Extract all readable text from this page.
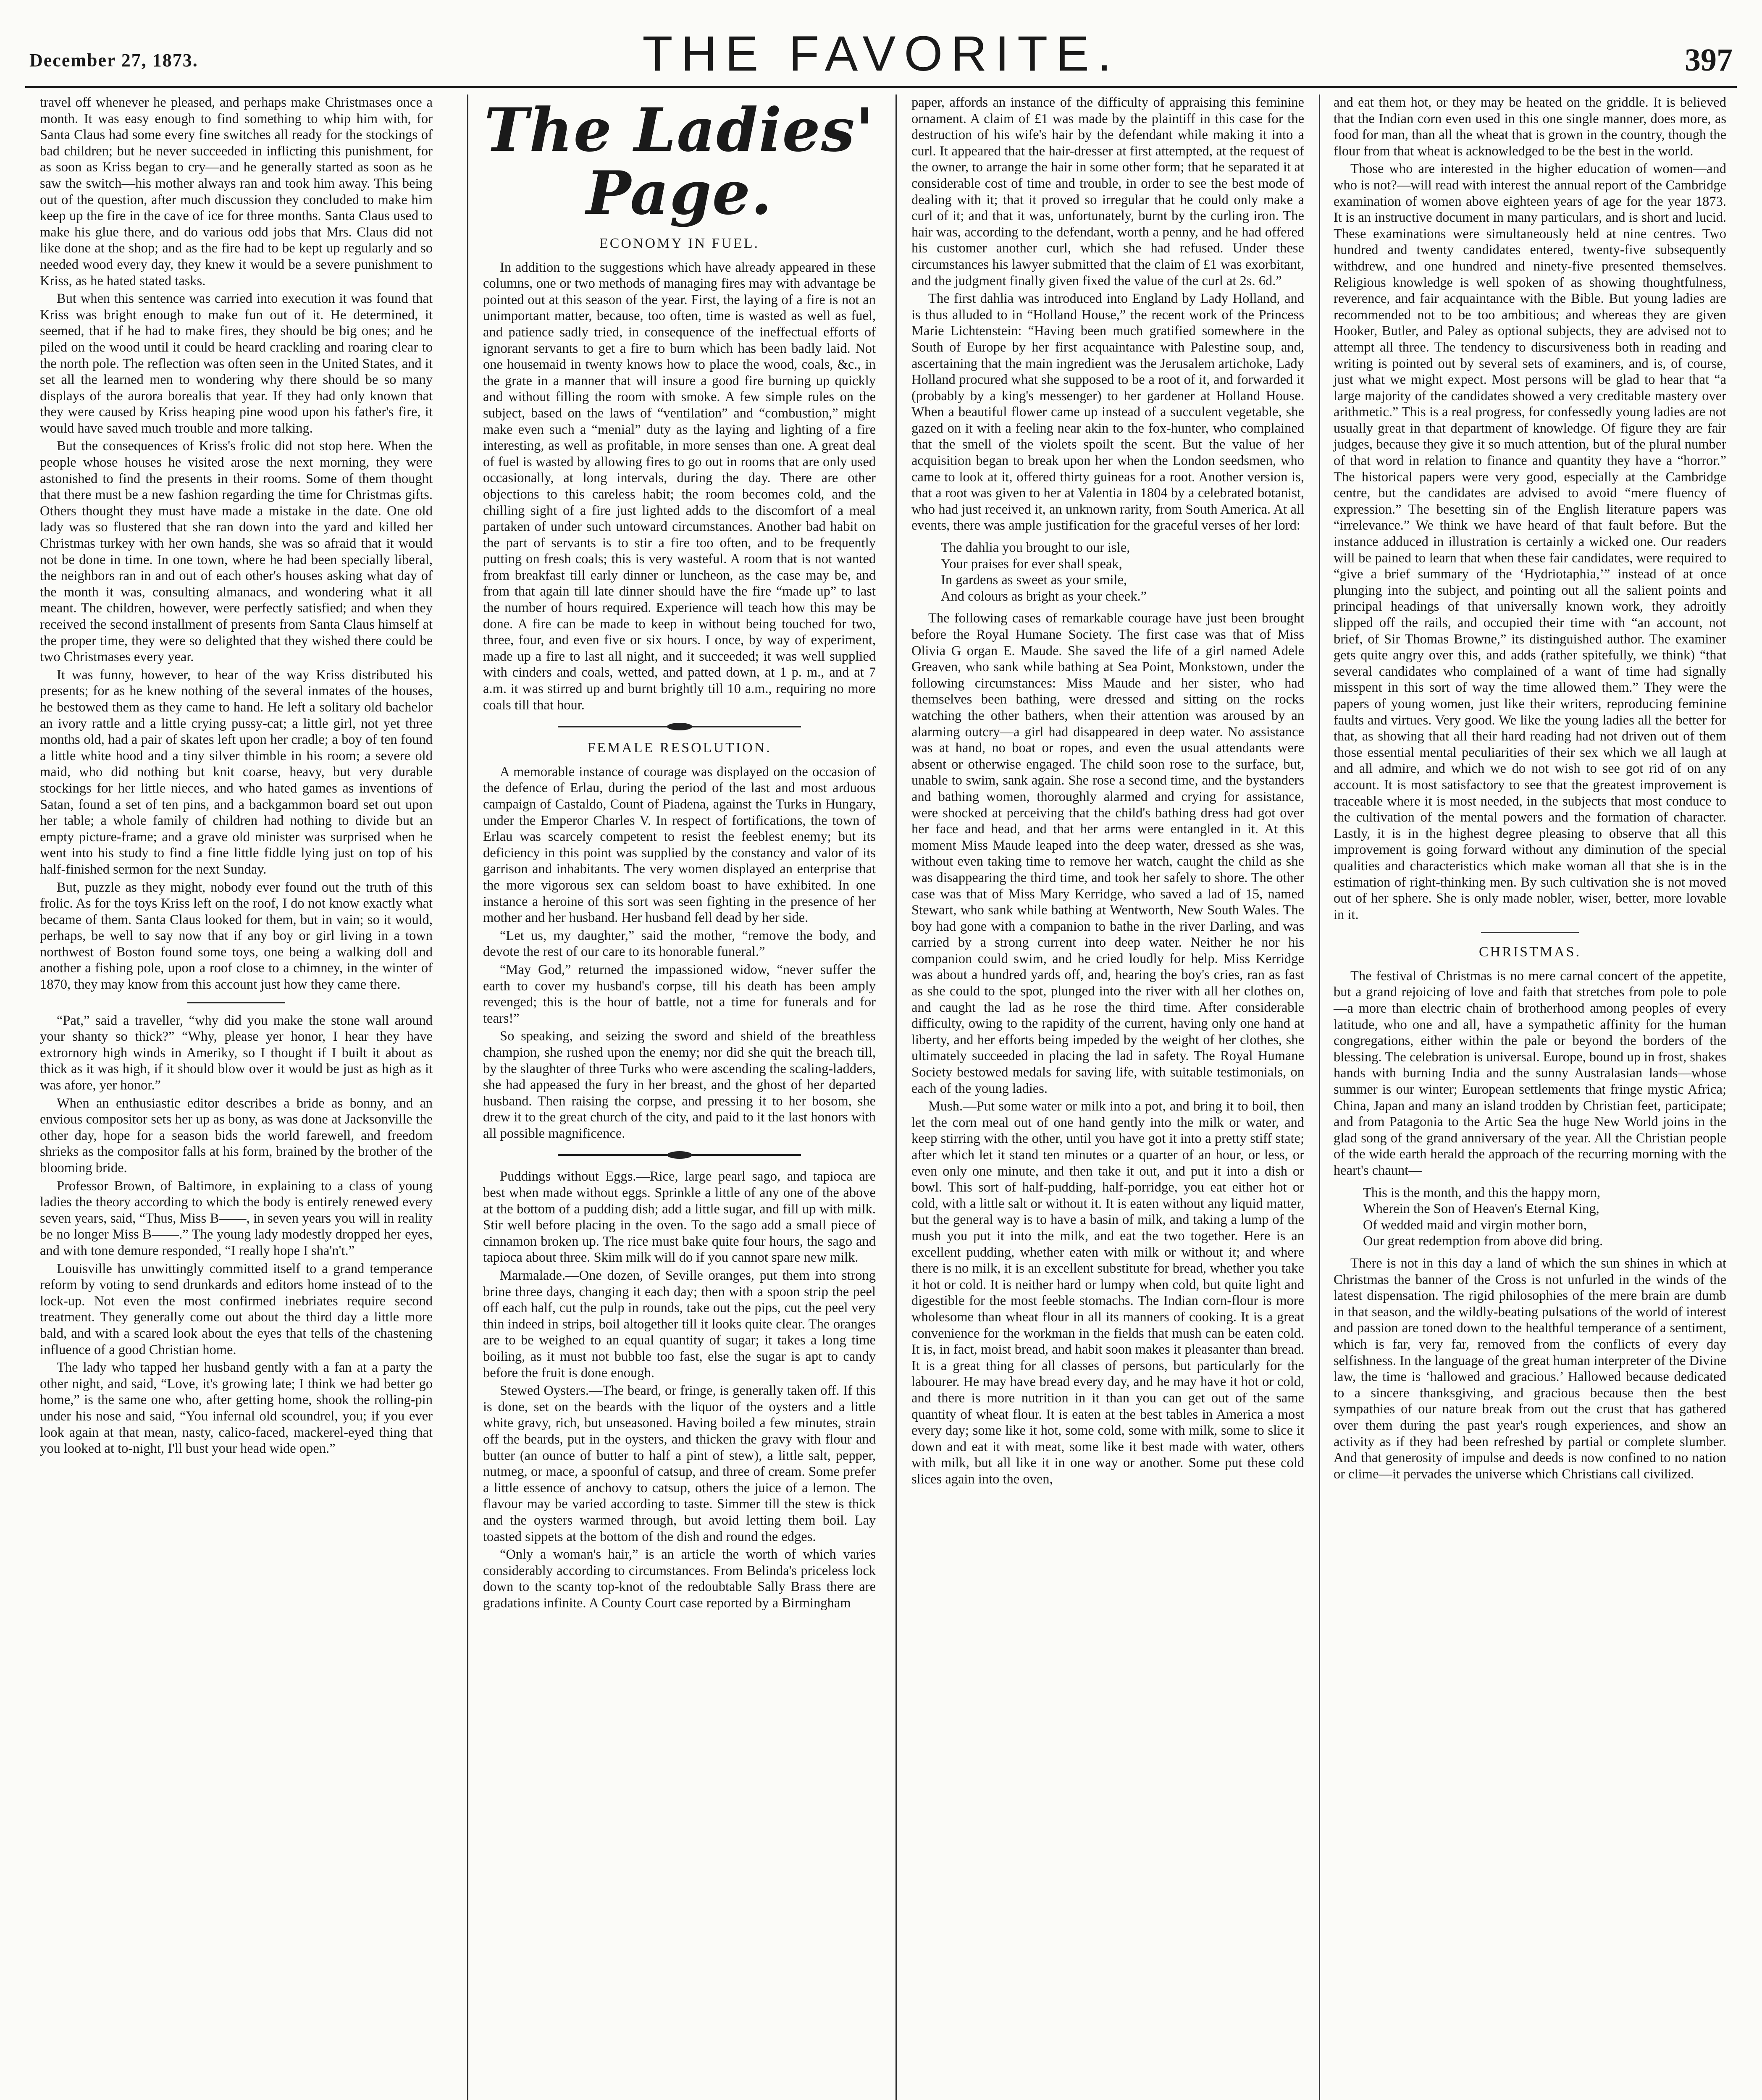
December 27, 1873.	THE FAVORITE.	397

travel off whenever he pleased, and perhaps make Christmases once a month. It was easy enough to find something to whip him with, for Santa Claus had some every fine switches all ready for the stockings of bad children; but he never succeeded in inflicting this punishment, for as soon as Kriss began to cry—and he generally started as soon as he saw the switch—his mother always ran and took him away. This being out of the question, after much discussion they concluded to make him keep up the fire in the cave of ice for three months. Santa Claus used to make his glue there, and do various odd jobs that Mrs. Claus did not like done at the shop; and as the fire had to be kept up regularly and so needed wood every day, they knew it would be a severe punishment to Kriss, as he hated stated tasks.

But when this sentence was carried into execution it was found that Kriss was bright enough to make fun out of it. He determined, it seemed, that if he had to make fires, they should be big ones; and he piled on the wood until it could be heard crackling and roaring clear to the north pole. The reflection was often seen in the United States, and it set all the learned men to wondering why there should be so many displays of the aurora borealis that year. If they had only known that they were caused by Kriss heaping pine wood upon his father's fire, it would have saved much trouble and more talking.

But the consequences of Kriss's frolic did not stop here. When the people whose houses he visited arose the next morning, they were astonished to find the presents in their rooms. Some of them thought that there must be a new fashion regarding the time for Christmas gifts. Others thought they must have made a mistake in the date. One old lady was so flustered that she ran down into the yard and killed her Christmas turkey with her own hands, she was so afraid that it would not be done in time. In one town, where he had been specially liberal, the neighbors ran in and out of each other's houses asking what day of the month it was, consulting almanacs, and wondering what it all meant. The children, however, were perfectly satisfied; and when they received the second installment of presents from Santa Claus himself at the proper time, they were so delighted that they wished there could be two Christmases every year.

It was funny, however, to hear of the way Kriss distributed his presents; for as he knew nothing of the several inmates of the houses, he bestowed them as they came to hand. He left a solitary old bachelor an ivory rattle and a little crying pussy-cat; a little girl, not yet three months old, had a pair of skates left upon her cradle; a boy of ten found a little white hood and a tiny silver thimble in his room; a severe old maid, who did nothing but knit coarse, heavy, but very durable stockings for her little nieces, and who hated games as inventions of Satan, found a set of ten pins, and a backgammon board set out upon her table; a whole family of children had nothing to divide but an empty picture-frame; and a grave old minister was surprised when he went into his study to find a fine little fiddle lying just on top of his half-finished sermon for the next Sunday.

But, puzzle as they might, nobody ever found out the truth of this frolic. As for the toys Kriss left on the roof, I do not know exactly what became of them. Santa Claus looked for them, but in vain; so it would, perhaps, be well to say now that if any boy or girl living in a town northwest of Boston found some toys, one being a walking doll and another a fishing pole, upon a roof close to a chimney, in the winter of 1870, they may know from this account just how they came there.

“Pat,” said a traveller, “why did you make the stone wall around your shanty so thick?” “Why, please yer honor, I hear they have extrornory high winds in Ameriky, so I thought if I built it about as thick as it was high, if it should blow over it would be just as high as it was afore, yer honor.”

When an enthusiastic editor describes a bride as bonny, and an envious compositor sets her up as bony, as was done at Jacksonville the other day, hope for a season bids the world farewell, and freedom shrieks as the compositor falls at his form, brained by the brother of the blooming bride.

Professor Brown, of Baltimore, in explaining to a class of young ladies the theory according to which the body is entirely renewed every seven years, said, “Thus, Miss B——, in seven years you will in reality be no longer Miss B——.” The young lady modestly dropped her eyes, and with tone demure responded, “I really hope I sha'n't.”

Louisville has unwittingly committed itself to a grand temperance reform by voting to send drunkards and editors home instead of to the lock-up. Not even the most confirmed inebriates require second treatment. They generally come out about the third day a little more bald, and with a scared look about the eyes that tells of the chastening influence of a good Christian home.

The lady who tapped her husband gently with a fan at a party the other night, and said, “Love, it's growing late; I think we had better go home,” is the same one who, after getting home, shook the rolling-pin under his nose and said, “You infernal old scoundrel, you; if you ever look again at that mean, nasty, calico-faced, mackerel-eyed thing that you looked at to-night, I'll bust your head wide open.”

The Ladies' Page.
ECONOMY IN FUEL.

In addition to the suggestions which have already appeared in these columns, one or two methods of managing fires may with advantage be pointed out at this season of the year. First, the laying of a fire is not an unimportant matter, because, too often, time is wasted as well as fuel, and patience sadly tried, in consequence of the ineffectual efforts of ignorant servants to get a fire to burn which has been badly laid. Not one housemaid in twenty knows how to place the wood, coals, &c., in the grate in a manner that will insure a good fire burning up quickly and without filling the room with smoke. A few simple rules on the subject, based on the laws of “ventilation” and “combustion,” might make even such a “menial” duty as the laying and lighting of a fire interesting, as well as profitable, in more senses than one. A great deal of fuel is wasted by allowing fires to go out in rooms that are only used occasionally, at long intervals, during the day. There are other objections to this careless habit; the room becomes cold, and the chilling sight of a fire just lighted adds to the discomfort of a meal partaken of under such untoward circumstances. Another bad habit on the part of servants is to stir a fire too often, and to be frequently putting on fresh coals; this is very wasteful. A room that is not wanted from breakfast till early dinner or luncheon, as the case may be, and from that again till late dinner should have the fire “made up” to last the number of hours required. Experience will teach how this may be done. A fire can be made to keep in without being touched for two, three, four, and even five or six hours. I once, by way of experiment, made up a fire to last all night, and it succeeded; it was well supplied with cinders and coals, wetted, and patted down, at 1 p. m., and at 7 a.m. it was stirred up and burnt brightly till 10 a.m., requiring no more coals till that hour.

FEMALE RESOLUTION.

A memorable instance of courage was displayed on the occasion of the defence of Erlau, during the period of the last and most arduous campaign of Castaldo, Count of Piadena, against the Turks in Hungary, under the Emperor Charles V. In respect of fortifications, the town of Erlau was scarcely competent to resist the feeblest enemy; but its deficiency in this point was supplied by the constancy and valor of its garrison and inhabitants. The very women displayed an enterprise that the more vigorous sex can seldom boast to have exhibited. In one instance a heroine of this sort was seen fighting in the presence of her mother and her husband. Her husband fell dead by her side.

“Let us, my daughter,” said the mother, “remove the body, and devote the rest of our care to its honorable funeral.”

“May God,” returned the impassioned widow, “never suffer the earth to cover my husband's corpse, till his death has been amply revenged; this is the hour of battle, not a time for funerals and for tears!”

So speaking, and seizing the sword and shield of the breathless champion, she rushed upon the enemy; nor did she quit the breach till, by the slaughter of three Turks who were ascending the scaling-ladders, she had appeased the fury in her breast, and the ghost of her departed husband. Then raising the corpse, and pressing it to her bosom, she drew it to the great church of the city, and paid to it the last honors with all possible magnificence.

Puddings without Eggs.—Rice, large pearl sago, and tapioca are best when made without eggs. Sprinkle a little of any one of the above at the bottom of a pudding dish; add a little sugar, and fill up with milk. Stir well before placing in the oven. To the sago add a small piece of cinnamon broken up. The rice must bake quite four hours, the sago and tapioca about three. Skim milk will do if you cannot spare new milk.

Marmalade.—One dozen, of Seville oranges, put them into strong brine three days, changing it each day; then with a spoon strip the peel off each half, cut the pulp in rounds, take out the pips, cut the peel very thin indeed in strips, boil altogether till it looks quite clear. The oranges are to be weighed to an equal quantity of sugar; it takes a long time boiling, as it must not bubble too fast, else the sugar is apt to candy before the fruit is done enough.

Stewed Oysters.—The beard, or fringe, is generally taken off. If this is done, set on the beards with the liquor of the oysters and a little white gravy, rich, but unseasoned. Having boiled a few minutes, strain off the beards, put in the oysters, and thicken the gravy with flour and butter (an ounce of butter to half a pint of stew), a little salt, pepper, nutmeg, or mace, a spoonful of catsup, and three of cream. Some prefer a little essence of anchovy to catsup, others the juice of a lemon. The flavour may be varied according to taste. Simmer till the stew is thick and the oysters warmed through, but avoid letting them boil. Lay toasted sippets at the bottom of the dish and round the edges.

“Only a woman's hair,” is an article the worth of which varies considerably according to circumstances. From Belinda's priceless lock down to the scanty top-knot of the redoubtable Sally Brass there are gradations infinite. A County Court case reported by a Birmingham

paper, affords an instance of the difficulty of appraising this feminine ornament. A claim of £1 was made by the plaintiff in this case for the destruction of his wife's hair by the defendant while making it into a curl. It appeared that the hair-dresser at first attempted, at the request of the owner, to arrange the hair in some other form; that he separated it at considerable cost of time and trouble, in order to see the best mode of dealing with it; that it proved so irregular that he could only make a curl of it; and that it was, unfortunately, burnt by the curling iron. The hair was, according to the defendant, worth a penny, and he had offered his customer another curl, which she had refused. Under these circumstances his lawyer submitted that the claim of £1 was exorbitant, and the judgment finally given fixed the value of the curl at 2s. 6d.”

The first dahlia was introduced into England by Lady Holland, and is thus alluded to in “Holland House,” the recent work of the Princess Marie Lichtenstein: “Having been much gratified somewhere in the South of Europe by her first acquaintance with Palestine soup, and, ascertaining that the main ingredient was the Jerusalem artichoke, Lady Holland procured what she supposed to be a root of it, and forwarded it (probably by a king's messenger) to her gardener at Holland House. When a beautiful flower came up instead of a succulent vegetable, she gazed on it with a feeling near akin to the fox-hunter, who complained that the smell of the violets spoilt the scent. But the value of her acquisition began to break upon her when the London seedsmen, who came to look at it, offered thirty guineas for a root. Another version is, that a root was given to her at Valentia in 1804 by a celebrated botanist, who had just received it, an unknown rarity, from South America. At all events, there was ample justification for the graceful verses of her lord:

The dahlia you brought to our isle,
Your praises for ever shall speak,
In gardens as sweet as your smile,
And colours as bright as your cheek.”

The following cases of remarkable courage have just been brought before the Royal Humane Society. The first case was that of Miss Olivia G organ E. Maude. She saved the life of a girl named Adele Greaven, who sank while bathing at Sea Point, Monkstown, under the following circumstances: Miss Maude and her sister, who had themselves been bathing, were dressed and sitting on the rocks watching the other bathers, when their attention was aroused by an alarming outcry—a girl had disappeared in deep water. No assistance was at hand, no boat or ropes, and even the usual attendants were absent or otherwise engaged. The child soon rose to the surface, but, unable to swim, sank again. She rose a second time, and the bystanders and bathing women, thoroughly alarmed and crying for assistance, were shocked at perceiving that the child's bathing dress had got over her face and head, and that her arms were entangled in it. At this moment Miss Maude leaped into the deep water, dressed as she was, without even taking time to remove her watch, caught the child as she was disappearing the third time, and took her safely to shore. The other case was that of Miss Mary Kerridge, who saved a lad of 15, named Stewart, who sank while bathing at Wentworth, New South Wales. The boy had gone with a companion to bathe in the river Darling, and was carried by a strong current into deep water. Neither he nor his companion could swim, and he cried loudly for help. Miss Kerridge was about a hundred yards off, and, hearing the boy's cries, ran as fast as she could to the spot, plunged into the river with all her clothes on, and caught the lad as he rose the third time. After considerable difficulty, owing to the rapidity of the current, having only one hand at liberty, and her efforts being impeded by the weight of her clothes, she ultimately succeeded in placing the lad in safety. The Royal Humane Society bestowed medals for saving life, with suitable testimonials, on each of the young ladies.

Mush.—Put some water or milk into a pot, and bring it to boil, then let the corn meal out of one hand gently into the milk or water, and keep stirring with the other, until you have got it into a pretty stiff state; after which let it stand ten minutes or a quarter of an hour, or less, or even only one minute, and then take it out, and put it into a dish or bowl. This sort of half-pudding, half-porridge, you eat either hot or cold, with a little salt or without it. It is eaten without any liquid matter, but the general way is to have a basin of milk, and taking a lump of the mush you put it into the milk, and eat the two together. Here is an excellent pudding, whether eaten with milk or without it; and where there is no milk, it is an excellent substitute for bread, whether you take it hot or cold. It is neither hard or lumpy when cold, but quite light and digestible for the most feeble stomachs. The Indian corn-flour is more wholesome than wheat flour in all its manners of cooking. It is a great convenience for the workman in the fields that mush can be eaten cold. It is, in fact, moist bread, and habit soon makes it pleasanter than bread. It is a great thing for all classes of persons, but particularly for the labourer. He may have bread every day, and he may have it hot or cold, and there is more nutrition in it than you can get out of the same quantity of wheat flour. It is eaten at the best tables in America a most every day; some like it hot, some cold, some with milk, some to slice it down and eat it with meat, some like it best made with water, others with milk, but all like it in one way or another. Some put these cold slices again into the oven,

and eat them hot, or they may be heated on the griddle. It is believed that the Indian corn even used in this one single manner, does more, as food for man, than all the wheat that is grown in the country, though the flour from that wheat is acknowledged to be the best in the world.

Those who are interested in the higher education of women—and who is not?—will read with interest the annual report of the Cambridge examination of women above eighteen years of age for the year 1873. It is an instructive document in many particulars, and is short and lucid. These examinations were simultaneously held at nine centres. Two hundred and twenty candidates entered, twenty-five subsequently withdrew, and one hundred and ninety-five presented themselves. Religious knowledge is well spoken of as showing thoughtfulness, reverence, and fair acquaintance with the Bible. But young ladies are recommended not to be too ambitious; and whereas they are given Hooker, Butler, and Paley as optional subjects, they are advised not to attempt all three. The tendency to discursiveness both in reading and writing is pointed out by several sets of examiners, and is, of course, just what we might expect. Most persons will be glad to hear that “a large majority of the candidates showed a very creditable mastery over arithmetic.” This is a real progress, for confessedly young ladies are not usually great in that department of knowledge. Of figure they are fair judges, because they give it so much attention, but of the plural number of that word in relation to finance and quantity they have a “horror.” The historical papers were very good, especially at the Cambridge centre, but the candidates are advised to avoid “mere fluency of expression.” The besetting sin of the English literature papers was “irrelevance.” We think we have heard of that fault before. But the instance adduced in illustration is certainly a wicked one. Our readers will be pained to learn that when these fair candidates, were required to “give a brief summary of the ‘Hydriotaphia,’” instead of at once plunging into the subject, and pointing out all the salient points and principal headings of that universally known work, they adroitly slipped off the rails, and occupied their time with “an account, not brief, of Sir Thomas Browne,” its distinguished author. The examiner gets quite angry over this, and adds (rather spitefully, we think) “that several candidates who complained of a want of time had signally misspent in this sort of way the time allowed them.” They were the papers of young women, just like their writers, reproducing feminine faults and virtues. Very good. We like the young ladies all the better for that, as showing that all their hard reading had not driven out of them those essential mental peculiarities of their sex which we all laugh at and all admire, and which we do not wish to see got rid of on any account. It is most satisfactory to see that the greatest improvement is traceable where it is most needed, in the subjects that most conduce to the cultivation of the mental powers and the formation of character. Lastly, it is in the highest degree pleasing to observe that all this improvement is going forward without any diminution of the special qualities and characteristics which make woman all that she is in the estimation of right-thinking men. By such cultivation she is not moved out of her sphere. She is only made nobler, wiser, better, more lovable in it.

CHRISTMAS.

The festival of Christmas is no mere carnal concert of the appetite, but a grand rejoicing of love and faith that stretches from pole to pole—a more than electric chain of brotherhood among peoples of every latitude, who one and all, have a sympathetic affinity for the human congregations, either within the pale or beyond the borders of the blessing. The celebration is universal. Europe, bound up in frost, shakes hands with burning India and the sunny Australasian lands—whose summer is our winter; European settlements that fringe mystic Africa; China, Japan and many an island trodden by Christian feet, participate; and from Patagonia to the Artic Sea the huge New World joins in the glad song of the grand anniversary of the year. All the Christian people of the wide earth herald the approach of the recurring morning with the heart's chaunt—

This is the month, and this the happy morn,
Wherein the Son of Heaven's Eternal King,
Of wedded maid and virgin mother born,
Our great redemption from above did bring.

There is not in this day a land of which the sun shines in which at Christmas the banner of the Cross is not unfurled in the winds of the latest dispensation. The rigid philosophies of the mere brain are dumb in that season, and the wildly-beating pulsations of the world of interest and passion are toned down to the healthful temperance of a sentiment, which is far, very far, removed from the conflicts of every day selfishness. In the language of the great human interpreter of the Divine law, the time is ‘hallowed and gracious.’ Hallowed because dedicated to a sincere thanksgiving, and gracious because then the best sympathies of our nature break from out the crust that has gathered over them during the past year's rough experiences, and show an activity as if they had been refreshed by partial or complete slumber. And that generosity of impulse and deeds is now confined to no nation or clime—it pervades the universe which Christians call civilized.
